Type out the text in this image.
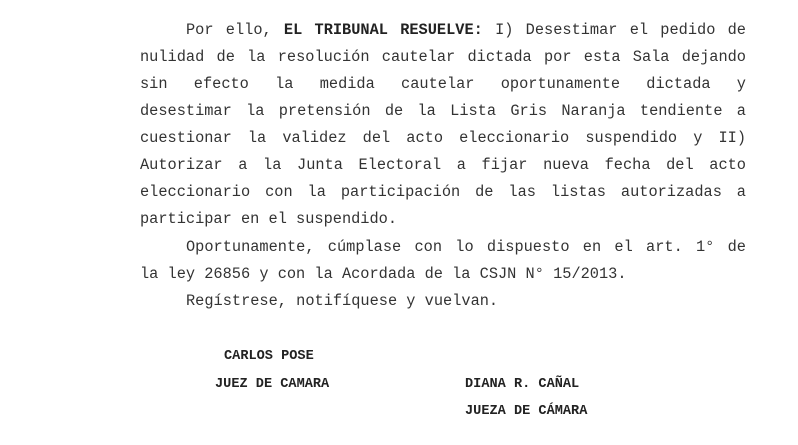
Por ello, EL TRIBUNAL RESUELVE: I) Desestimar el pedido de
nulidad de la resolución cautelar dictada por esta Sala dejando
sin efecto la medida cautelar oportunamente dictada y
desestimar la pretensión de la Lista Gris Naranja tendiente a
cuestionar la validez del acto eleccionario suspendido y II)
Autorizar a la Junta Electoral a fijar nueva fecha del acto
eleccionario con la participación de las listas autorizadas a
participar en el suspendido.
Oportunamente, cúmplase con lo dispuesto en el art. 1° de
la ley 26856 y con la Acordada de la CSJN N° 15/2013.
Regístrese, notifíquese y vuelvan.
CARLOS POSE
JUEZ DE CAMARA	DIANA R. CAÑAL
JUEZA DE CÁMARA
